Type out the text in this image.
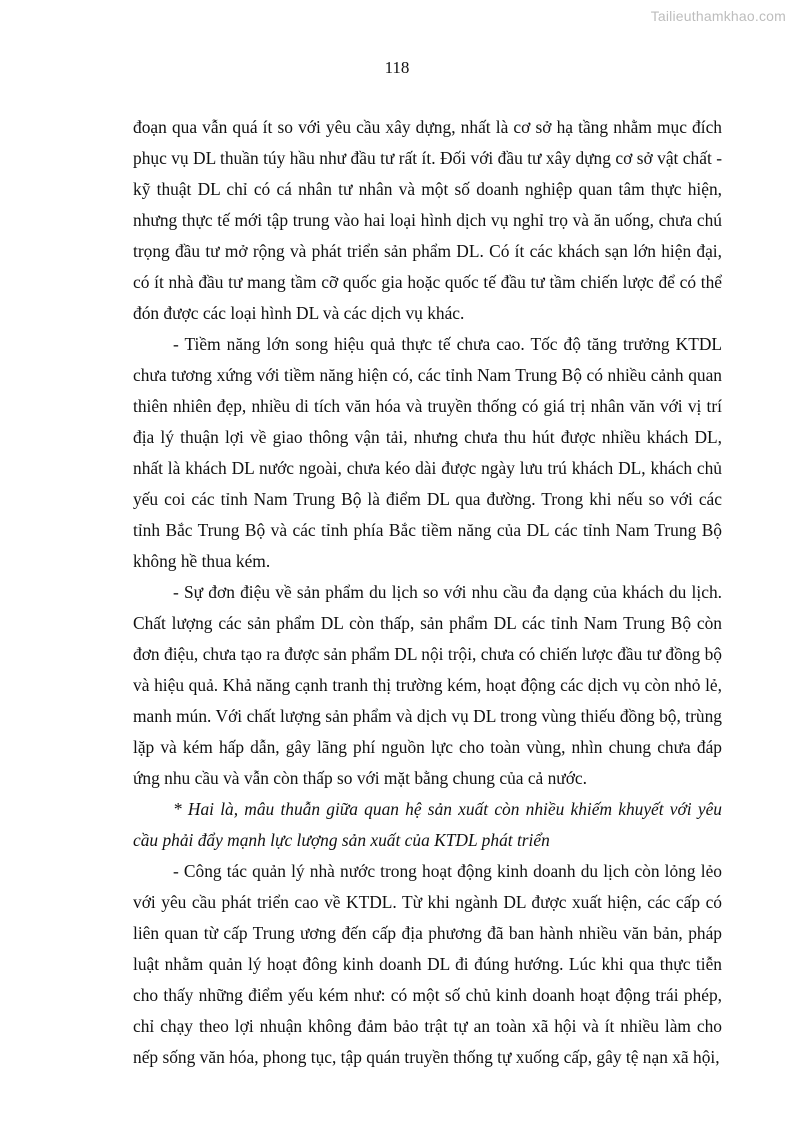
Tailieuthamkhao.com
118

đoạn qua vẫn quá ít so với yêu cầu xây dựng, nhất là cơ sở hạ tầng nhằm mục đích phục vụ DL thuần túy hầu như đầu tư rất ít. Đối với đầu tư xây dựng cơ sở vật chất - kỹ thuật DL chỉ có cá nhân tư nhân và một số doanh nghiệp quan tâm thực hiện, nhưng thực tế mới tập trung vào hai loại hình dịch vụ nghỉ trọ và ăn uống, chưa chú trọng đầu tư mở rộng và phát triển sản phẩm DL. Có ít các khách sạn lớn hiện đại, có ít nhà đầu tư mang tầm cỡ quốc gia hoặc quốc tế đầu tư tầm chiến lược để có thể đón được các loại hình DL và các dịch vụ khác.

- Tiềm năng lớn song hiệu quả thực tế chưa cao. Tốc độ tăng trưởng KTDL chưa tương xứng với tiềm năng hiện có, các tỉnh Nam Trung Bộ có nhiều cảnh quan thiên nhiên đẹp, nhiều di tích văn hóa và truyền thống có giá trị nhân văn với vị trí địa lý thuận lợi về giao thông vận tải, nhưng chưa thu hút được nhiều khách DL, nhất là khách DL nước ngoài, chưa kéo dài được ngày lưu trú khách DL, khách chủ yếu coi các tỉnh Nam Trung Bộ là điểm DL qua đường. Trong khi nếu so với các tỉnh Bắc Trung Bộ và các tỉnh phía Bắc tiềm năng của DL các tỉnh Nam Trung Bộ không hề thua kém.

- Sự đơn điệu về sản phẩm du lịch so với nhu cầu đa dạng của khách du lịch. Chất lượng các sản phẩm DL còn thấp, sản phẩm DL các tỉnh Nam Trung Bộ còn đơn điệu, chưa tạo ra được sản phẩm DL nội trội, chưa có chiến lược đầu tư đồng bộ và hiệu quả. Khả năng cạnh tranh thị trường kém, hoạt động các dịch vụ còn nhỏ lẻ, manh mún. Với chất lượng sản phẩm và dịch vụ DL trong vùng thiếu đồng bộ, trùng lặp và kém hấp dẫn, gây lãng phí nguồn lực cho toàn vùng, nhìn chung chưa đáp ứng nhu cầu và vẫn còn thấp so với mặt bằng chung của cả nước.

* Hai là, mâu thuẫn giữa quan hệ sản xuất còn nhiều khiếm khuyết với yêu cầu phải đẩy mạnh lực lượng sản xuất của KTDL phát triển

- Công tác quản lý nhà nước trong hoạt động kinh doanh du lịch còn lỏng lẻo với yêu cầu phát triển cao về KTDL. Từ khi ngành DL được xuất hiện, các cấp có liên quan từ cấp Trung ương đến cấp địa phương đã ban hành nhiều văn bản, pháp luật nhằm quản lý hoạt đông kinh doanh DL đi đúng hướng. Lúc khi qua thực tiễn cho thấy những điểm yếu kém như: có một số chủ kinh doanh hoạt động trái phép, chỉ chạy theo lợi nhuận không đảm bảo trật tự an toàn xã hội và ít nhiều làm cho nếp sống văn hóa, phong tục, tập quán truyền thống tự xuống cấp, gây tệ nạn xã hội,
